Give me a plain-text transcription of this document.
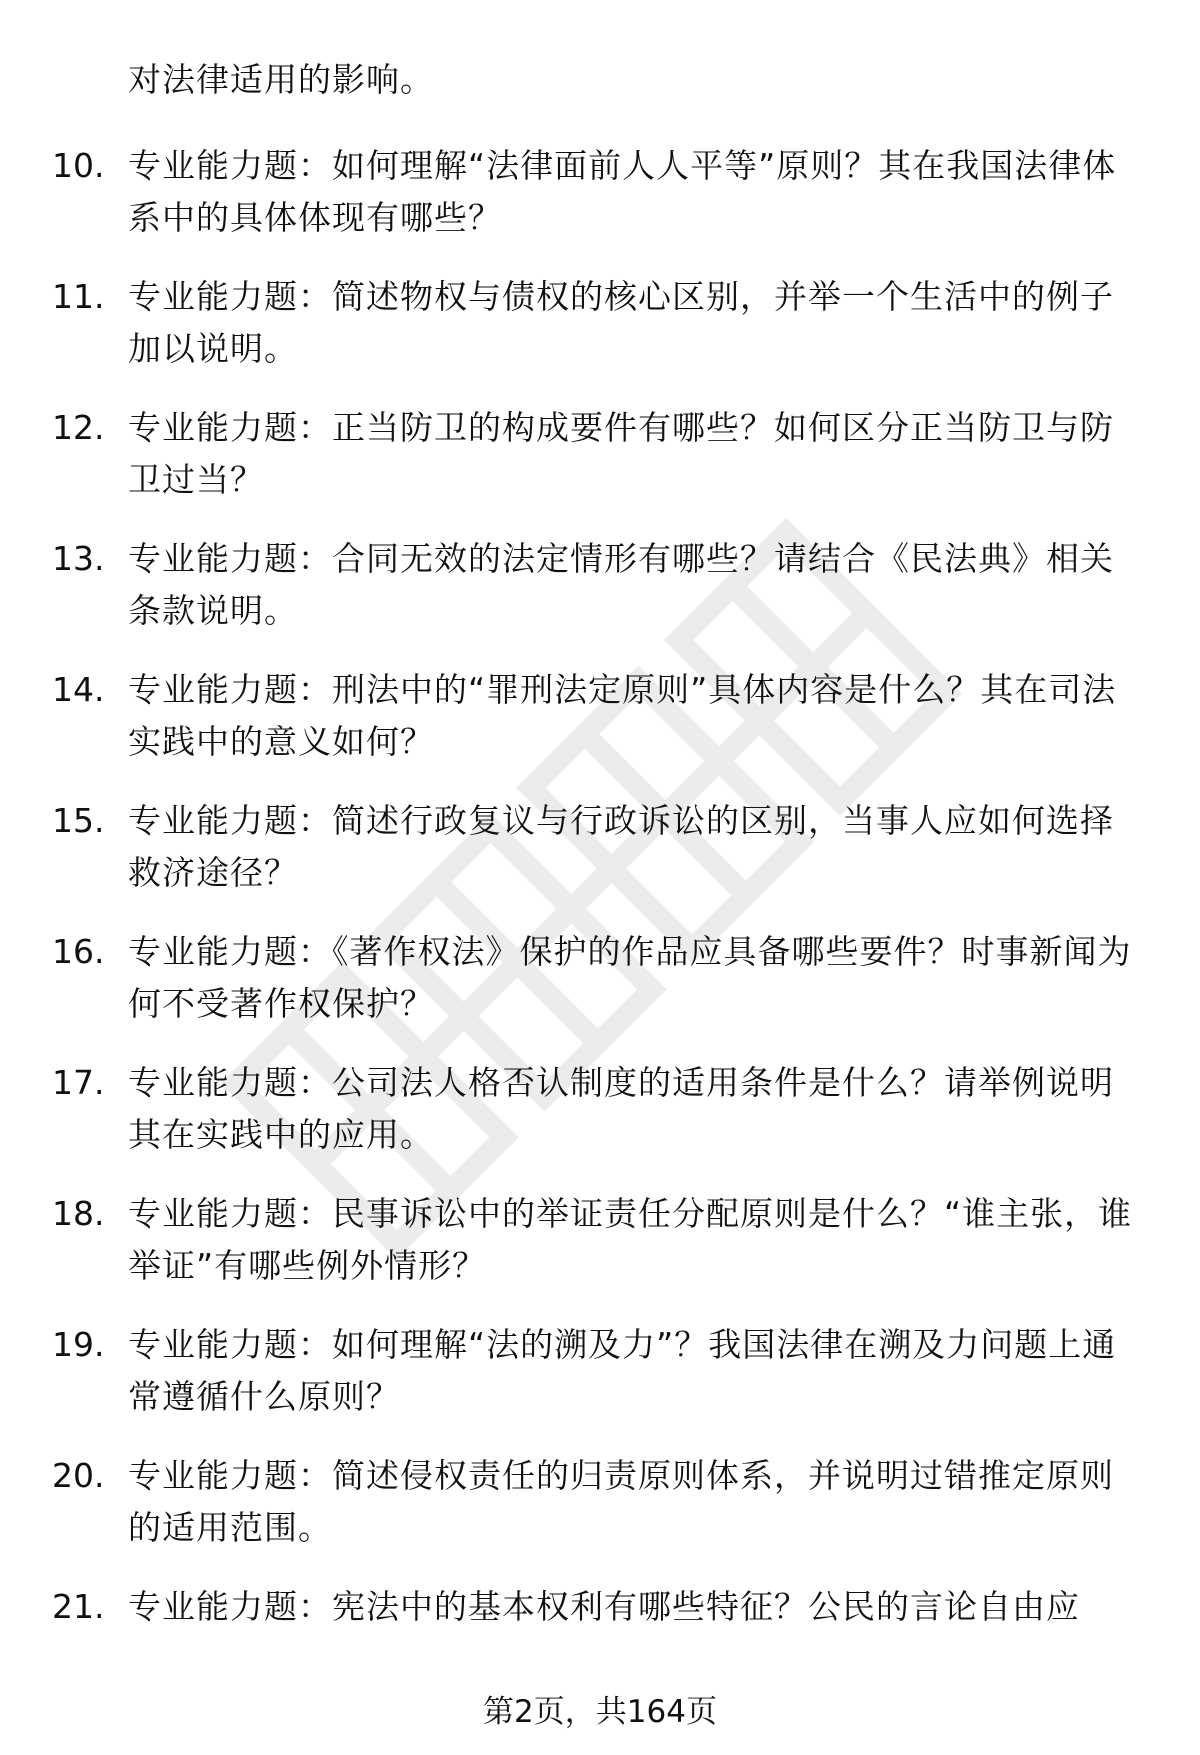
对法律适用的影响。
10. 专业能力题：如何理解“法律面前人人平等”原则？其在我国法律体系中的具体体现有哪些？
11. 专业能力题：简述物权与债权的核心区别，并举一个生活中的例子加以说明。
12. 专业能力题：正当防卫的构成要件有哪些？如何区分正当防卫与防卫过当？
13. 专业能力题：合同无效的法定情形有哪些？请结合《民法典》相关条款说明。
14. 专业能力题：刑法中的“罪刑法定原则”具体内容是什么？其在司法实践中的意义如何？
15. 专业能力题：简述行政复议与行政诉讼的区别，当事人应如何选择救济途径？
16. 专业能力题：《著作权法》保护的作品应具备哪些要件？时事新闻为何不受著作权保护？
17. 专业能力题：公司法人格否认制度的适用条件是什么？请举例说明其在实践中的应用。
18. 专业能力题：民事诉讼中的举证责任分配原则是什么？“谁主张，谁举证”有哪些例外情形？
19. 专业能力题：如何理解“法的溯及力”？我国法律在溯及力问题上通常遵循什么原则？
20. 专业能力题：简述侵权责任的归责原则体系，并说明过错推定原则的适用范围。
21. 专业能力题：宪法中的基本权利有哪些特征？公民的言论自由应
第2页，共164页
